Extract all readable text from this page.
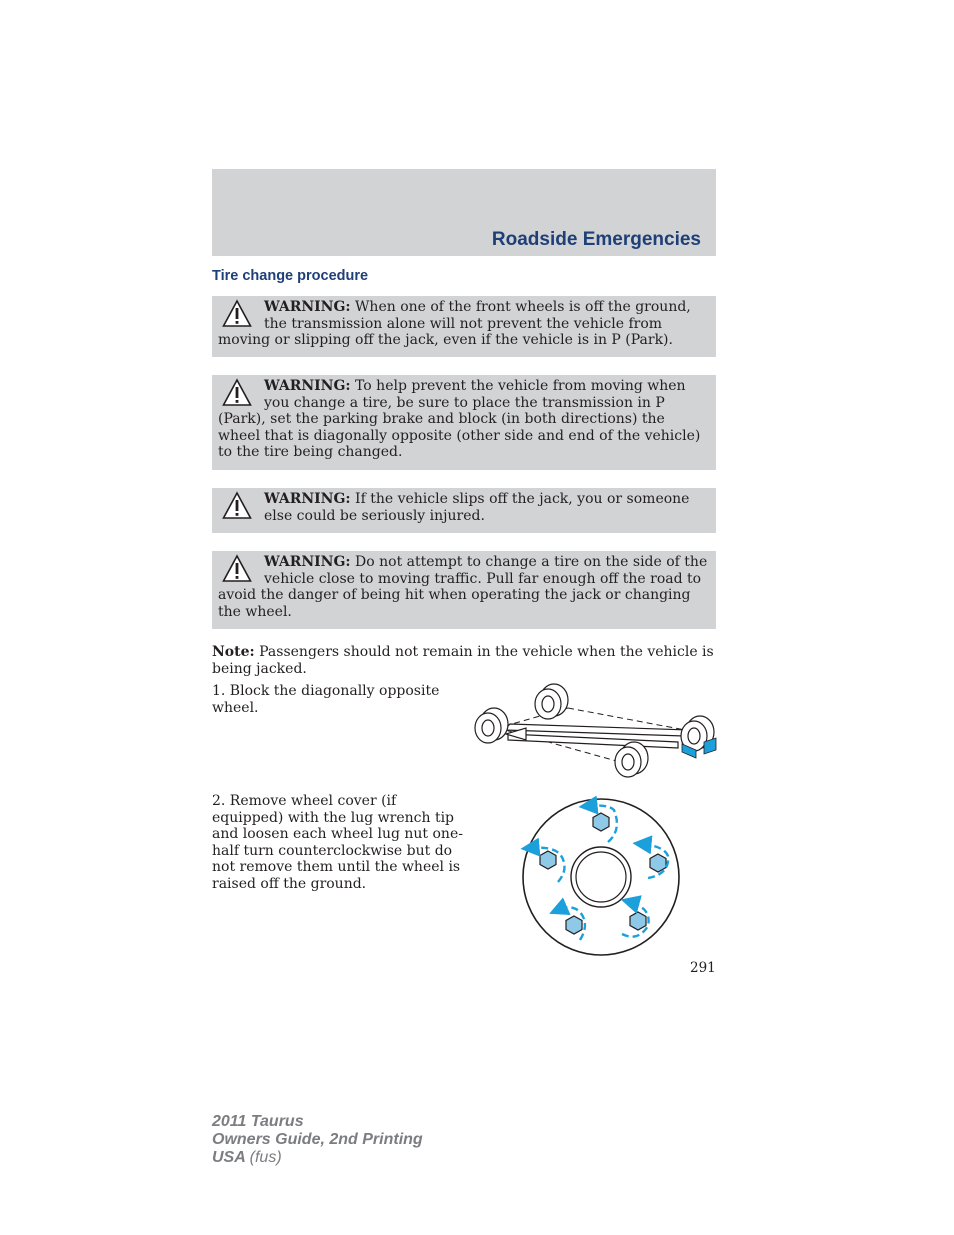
Roadside Emergencies
Tire change procedure
WARNING: When one of the front wheels is off the ground, the transmission alone will not prevent the vehicle from moving or slipping off the jack, even if the vehicle is in P (Park).
WARNING: To help prevent the vehicle from moving when you change a tire, be sure to place the transmission in P (Park), set the parking brake and block (in both directions) the wheel that is diagonally opposite (other side and end of the vehicle) to the tire being changed.
WARNING: If the vehicle slips off the jack, you or someone else could be seriously injured.
WARNING: Do not attempt to change a tire on the side of the vehicle close to moving traffic. Pull far enough off the road to avoid the danger of being hit when operating the jack or changing the wheel.
Note: Passengers should not remain in the vehicle when the vehicle is being jacked.
1. Block the diagonally opposite wheel.
2. Remove wheel cover (if equipped) with the lug wrench tip and loosen each wheel lug nut one-half turn counterclockwise but do not remove them until the wheel is raised off the ground.
291
2011 Taurus
Owners Guide, 2nd Printing
USA (fus)
